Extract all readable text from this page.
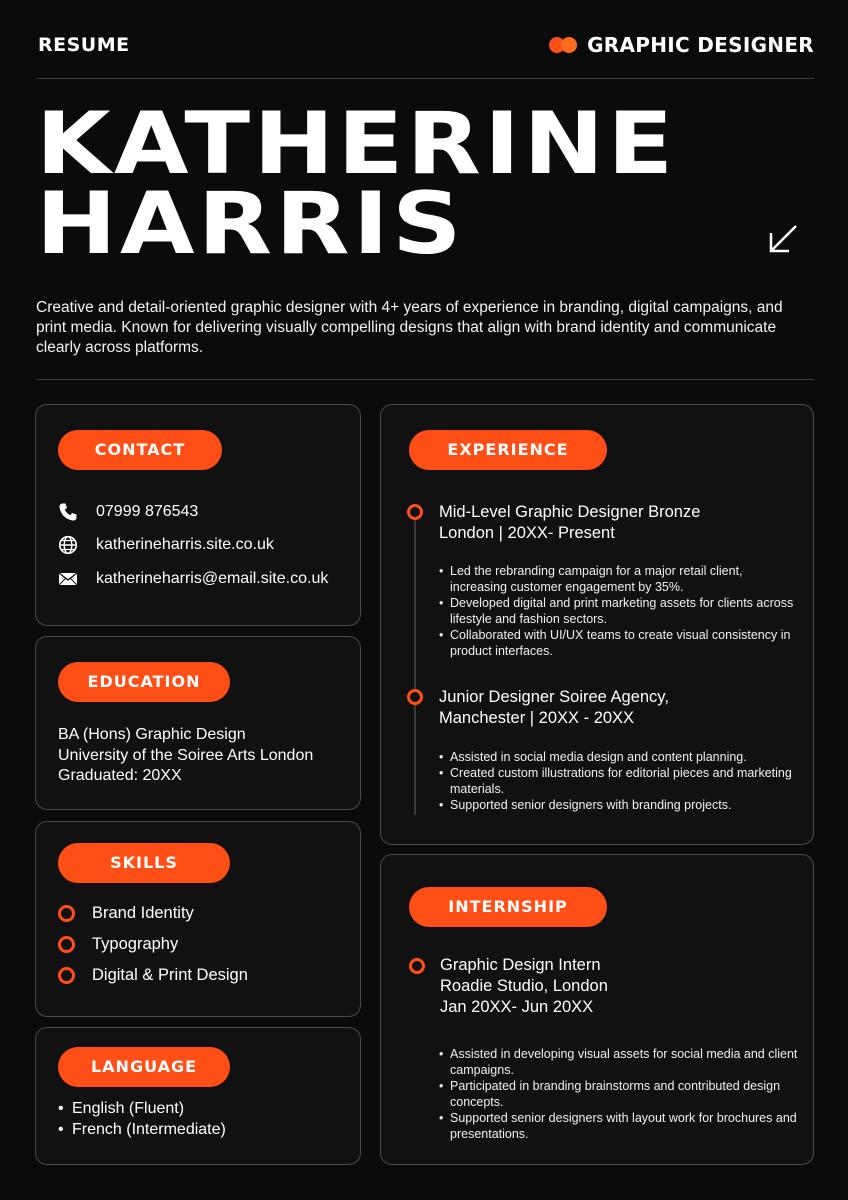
RESUME	GRAPHIC DESIGNER
KATHERINE
HARRIS
Creative and detail-oriented graphic designer with 4+ years of experience in branding, digital campaigns, and print media. Known for delivering visually compelling designs that align with brand identity and communicate clearly across platforms.
CONTACT
07999 876543
katherineharris.site.co.uk
katherineharris@email.site.co.uk
EDUCATION
BA (Hons) Graphic Design
University of the Soiree Arts London
Graduated: 20XX
SKILLS
Brand Identity
Typography
Digital & Print Design
LANGUAGE
• English (Fluent)
• French (Intermediate)
EXPERIENCE
Mid-Level Graphic Designer Bronze
London | 20XX- Present
• Led the rebranding campaign for a major retail client, increasing customer engagement by 35%.
• Developed digital and print marketing assets for clients across lifestyle and fashion sectors.
• Collaborated with UI/UX teams to create visual consistency in product interfaces.
Junior Designer Soiree Agency,
Manchester | 20XX - 20XX
• Assisted in social media design and content planning.
• Created custom illustrations for editorial pieces and marketing materials.
• Supported senior designers with branding projects.
INTERNSHIP
Graphic Design Intern
Roadie Studio, London
Jan 20XX- Jun 20XX
• Assisted in developing visual assets for social media and client campaigns.
• Participated in branding brainstorms and contributed design concepts.
• Supported senior designers with layout work for brochures and presentations.
